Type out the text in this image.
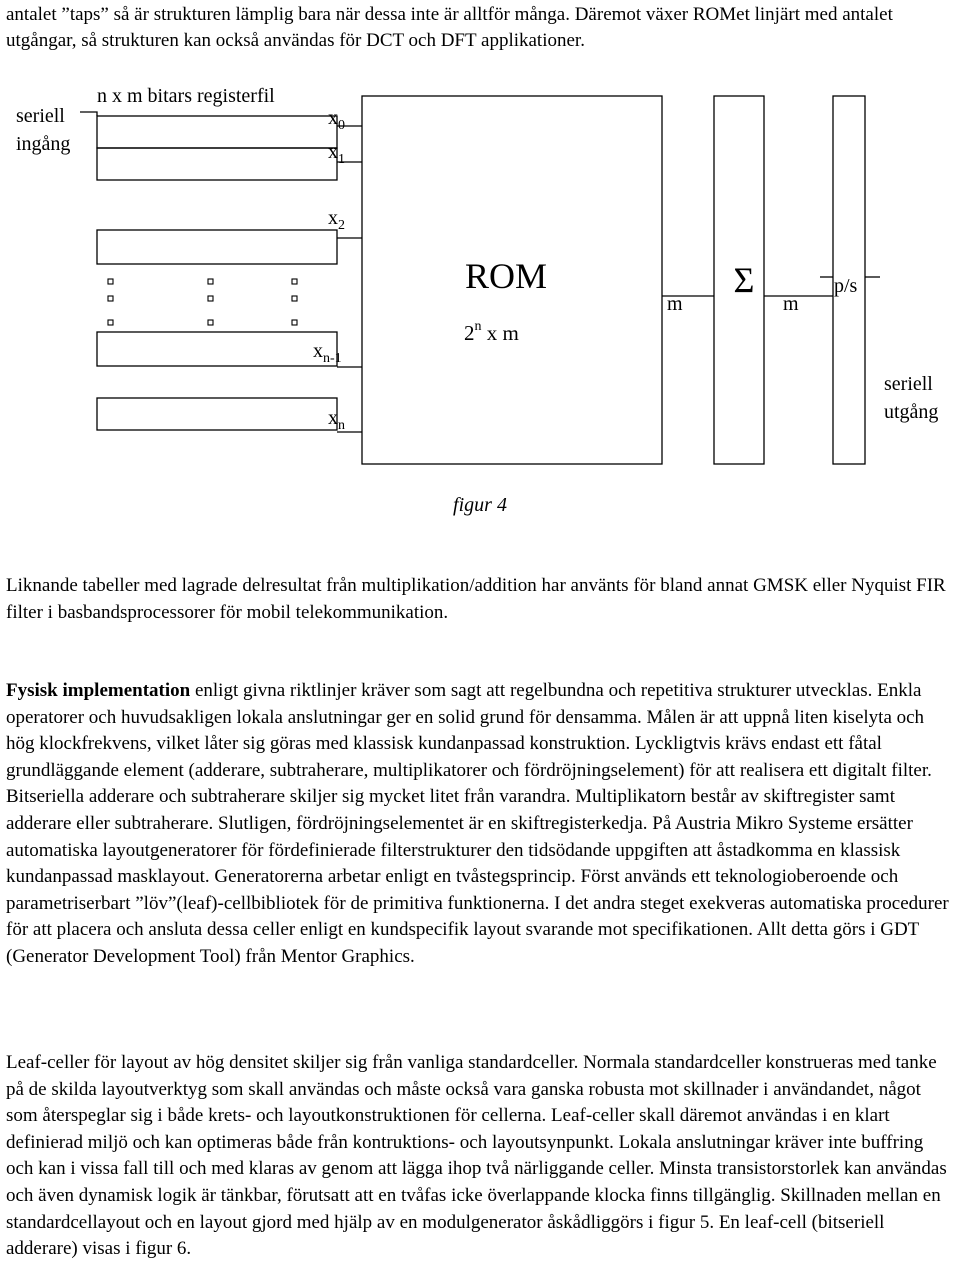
antalet ”taps” så är strukturen lämplig bara när dessa inte är alltför många. Däremot växer ROMet linjärt med antalet utgångar, så strukturen kan också användas för DCT och DFT applikationer.

seriell
ingång
n x m bitars registerfil
$x_0$
$x_1$
$x_2$
$x_{n-1}$
$x_n$
ROM
2$^n$ x m
m
Σ
m
p/s
seriell
utgång

figur 4

Liknande tabeller med lagrade delresultat från multiplikation/addition har använts för bland annat GMSK eller Nyquist FIR filter i basbandsprocessorer för mobil telekommunikation.

Fysisk implementation enligt givna riktlinjer kräver som sagt att regelbundna och repetitiva strukturer utvecklas. Enkla operatorer och huvudsakligen lokala anslutningar ger en solid grund för densamma. Målen är att uppnå liten kiselyta och hög klockfrekvens, vilket låter sig göras med klassisk kundanpassad konstruktion. Lyckligtvis krävs endast ett fåtal grundläggande element (adderare, subtraherare, multiplikatorer och fördröjningselement) för att realisera ett digitalt filter. Bitseriella adderare och subtraherare skiljer sig mycket litet från varandra. Multiplikatorn består av skiftregister samt adderare eller subtraherare. Slutligen, fördröjningselementet är en skiftregisterkedja. På Austria Mikro Systeme ersätter automatiska layoutgeneratorer för fördefinierade filterstrukturer den tidsödande uppgiften att åstadkomma en klassisk kundanpassad masklayout. Generatorerna arbetar enligt en tvåstegsprincip. Först används ett teknologioberoende och parametriserbart ”löv”(leaf)-cellbibliotek för de primitiva funktionerna. I det andra steget exekveras automatiska procedurer för att placera och ansluta dessa celler enligt en kundspecifik layout svarande mot specifikationen. Allt detta görs i GDT (Generator Development Tool) från Mentor Graphics.

Leaf-celler för layout av hög densitet skiljer sig från vanliga standardceller. Normala standardceller konstrueras med tanke på de skilda layoutverktyg som skall användas och måste också vara ganska robusta mot skillnader i användandet, något som återspeglar sig i både krets- och layoutkonstruktionen för cellerna. Leaf-celler skall däremot användas i en klart definierad miljö och kan optimeras både från kontruktions- och layoutsynpunkt. Lokala anslutningar kräver inte buffring och kan i vissa fall till och med klaras av genom att lägga ihop två närliggande celler. Minsta transistorstorlek kan användas och även dynamisk logik är tänkbar, förutsatt att en tvåfas icke överlappande klocka finns tillgänglig. Skillnaden mellan en standardcellayout och en layout gjord med hjälp av en modulgenerator åskådliggörs i figur 5. En leaf-cell (bitseriell adderare) visas i figur 6.
